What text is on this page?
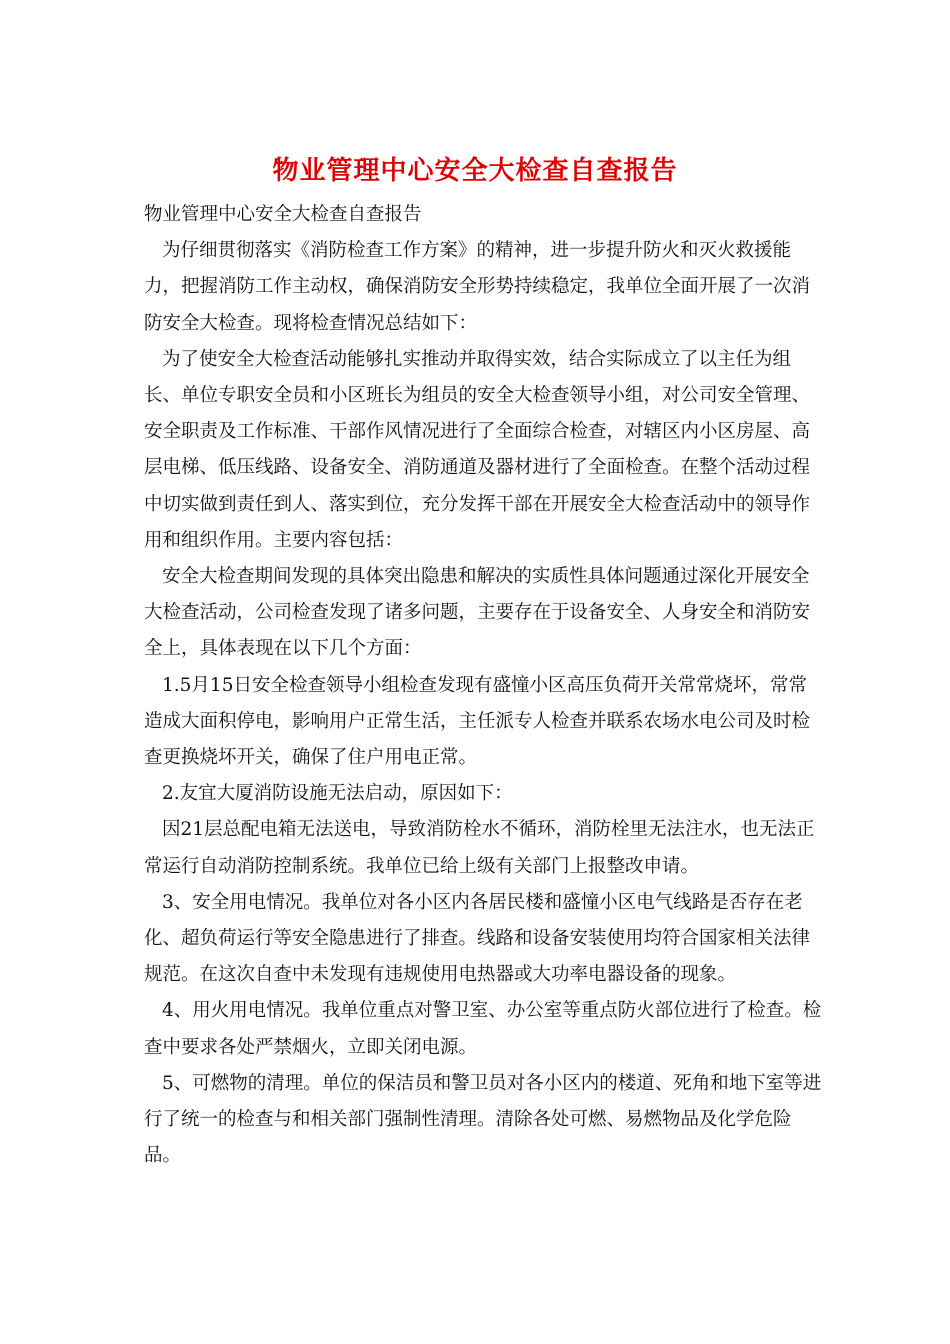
物业管理中心安全大检查自查报告

物业管理中心安全大检查自查报告

为仔细贯彻落实《消防检查工作方案》的精神，进一步提升防火和灭火救援能力，把握消防工作主动权，确保消防安全形势持续稳定，我单位全面开展了一次消防安全大检查。现将检查情况总结如下：

为了使安全大检查活动能够扎实推动并取得实效，结合实际成立了以主任为组长、单位专职安全员和小区班长为组员的安全大检查领导小组，对公司安全管理、安全职责及工作标准、干部作风情况进行了全面综合检查，对辖区内小区房屋、高层电梯、低压线路、设备安全、消防通道及器材进行了全面检查。在整个活动过程中切实做到责任到人、落实到位，充分发挥干部在开展安全大检查活动中的领导作用和组织作用。主要内容包括：

安全大检查期间发现的具体突出隐患和解决的实质性具体问题通过深化开展安全大检查活动，公司检查发现了诸多问题，主要存在于设备安全、人身安全和消防安全上，具体表现在以下几个方面：

1.5月15日安全检查领导小组检查发现有盛憧小区高压负荷开关常常烧坏，常常造成大面积停电，影响用户正常生活，主任派专人检查并联系农场水电公司及时检查更换烧坏开关，确保了住户用电正常。

2.友宜大厦消防设施无法启动，原因如下：

因21层总配电箱无法送电，导致消防栓水不循环，消防栓里无法注水，也无法正常运行自动消防控制系统。我单位已给上级有关部门上报整改申请。

3、安全用电情况。我单位对各小区内各居民楼和盛憧小区电气线路是否存在老化、超负荷运行等安全隐患进行了排查。线路和设备安装使用均符合国家相关法律规范。在这次自查中未发现有违规使用电热器或大功率电器设备的现象。

4、用火用电情况。我单位重点对警卫室、办公室等重点防火部位进行了检查。检查中要求各处严禁烟火，立即关闭电源。

5、可燃物的清理。单位的保洁员和警卫员对各小区内的楼道、死角和地下室等进行了统一的检查与和相关部门强制性清理。清除各处可燃、易燃物品及化学危险品。
